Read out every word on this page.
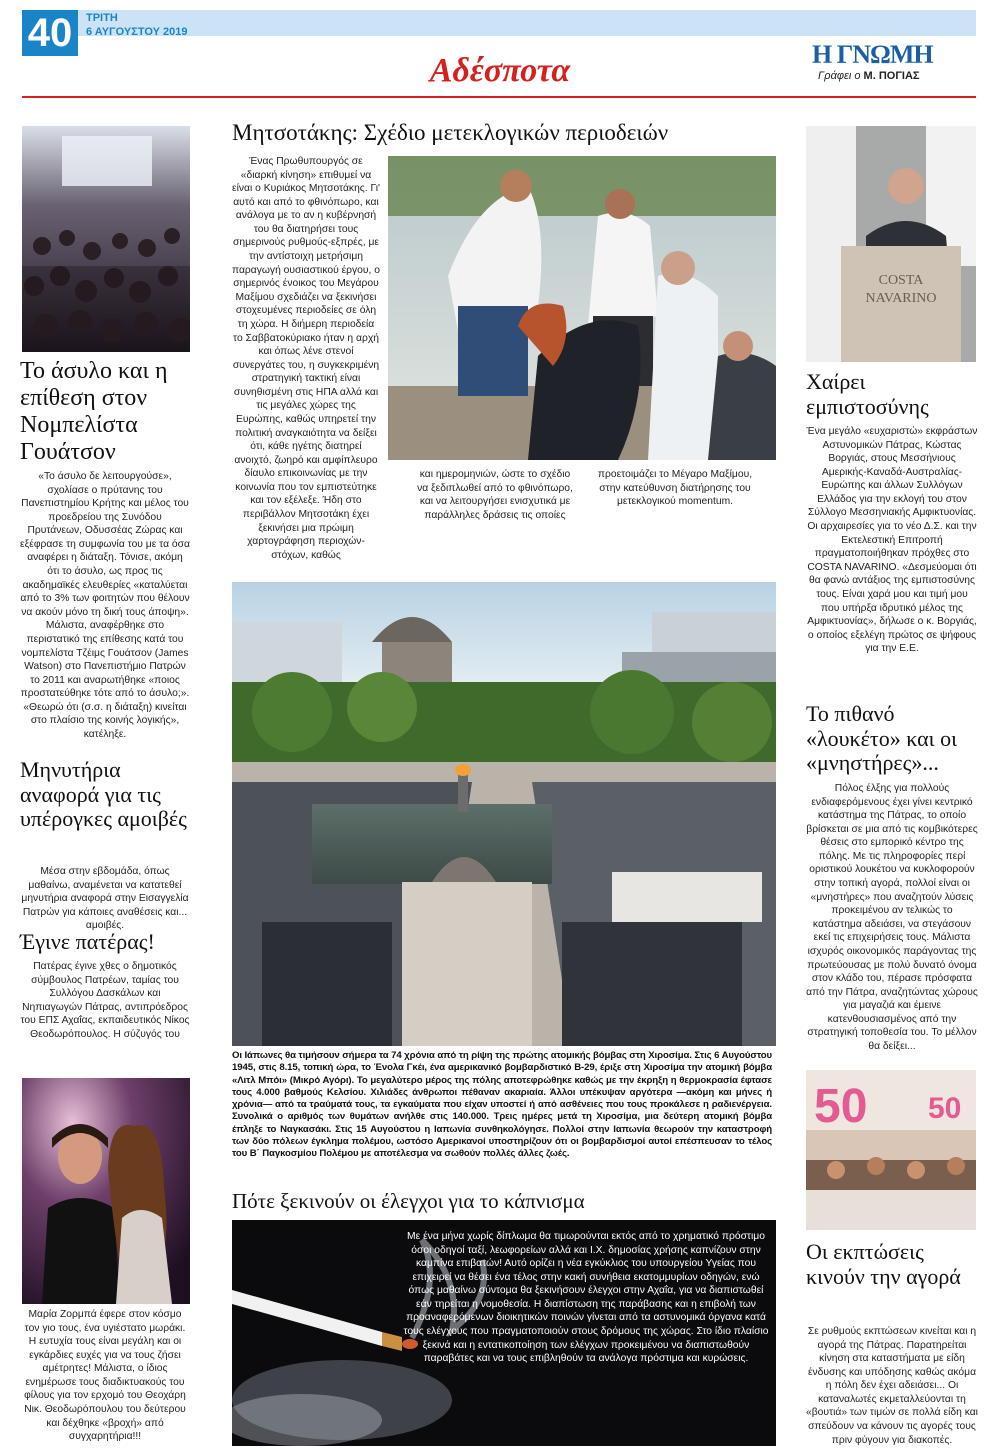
40	ΤΡΙΤΗ
6 ΑΥΓΟΥΣΤΟΥ 2019
Αδέσποτα	Η ΓΝΩΜΗ
Γράφει ο Μ. ΠΟΓΙΑΣ
Το άσυλο και η επίθεση στον Νομπελίστα Γουάτσον
«Το άσυλο δε λειτουργούσε», σχολίασε ο πρύτανης του Πανεπιστημίου Κρήτης και μέλος του προεδρείου της Συνόδου Πρυτάνεων, Οδυσσέας Ζώρας και εξέφρασε τη συμφωνία του με τα όσα αναφέρει η διάταξη. Τόνισε, ακόμη ότι το άσυλο, ως προς τις ακαδημαϊκές ελευθερίες «καταλύεται από το 3% των φοιτητών που θέλουν να ακούν μόνο τη δική τους άποψη». Μάλιστα, αναφέρθηκε στο περιστατικό της επίθεσης κατά του νομπελίστα Τζέιμς Γουάτσον (James Watson) στο Πανεπιστήμιο Πατρών το 2011 και αναρωτήθηκε «ποιος προστατεύθηκε τότε από το άσυλο;». «Θεωρώ ότι (σ.σ. η διάταξη) κινείται στο πλαίσιο της κοινής λογικής», κατέληξε.
Μηνυτήρια αναφορά για τις υπέρογκες αμοιβές
Μέσα στην εβδομάδα, όπως μαθαίνω, αναμένεται να κατατεθεί μηνυτήρια αναφορά στην Εισαγγελία Πατρών για κάποιες αναθέσεις και... αμοιβές.
Έγινε πατέρας!
Πατέρας έγινε χθες ο δημοτικός σύμβουλος Πατρέων, ταμίας του Συλλόγου Δασκάλων και Νηπιαγωγών Πάτρας, αντιπρόεδρος του ΕΠΣ Αχαΐας, εκπαιδευτικός Νίκος Θεοδωρόπουλος. Η σύζυγός του
Μαρία Ζορμπά έφερε στον κόσμο τον γιο τους, ένα υγιέστατο μωράκι. Η ευτυχία τους είναι μεγάλη και οι εγκάρδιες ευχές για να τους ζήσει αμέτρητες! Μάλιστα, ο ίδιος ενημέρωσε τους διαδικτυακούς του φίλους για τον ερχομό του Θεοχάρη Νικ. Θεοδωρόπουλου του δεύτερου και δέχθηκε «βροχή» από συγχαρητήρια!!!
Μητσοτάκης: Σχέδιο μετεκλογικών περιοδειών
Ένας Πρωθυπουργός σε «διαρκή κίνηση» επιθυμεί να είναι ο Κυριάκος Μητσοτάκης. Γι' αυτό και από το φθινόπωρο, και ανάλογα με το αν η κυβέρνησή του θα διατηρήσει τους σημερινούς ρυθμούς-εξπρές, με την αντίστοιχη μετρήσιμη παραγωγή ουσιαστικού έργου, ο σημερινός ένοικος του Μεγάρου Μαξίμου σχεδιάζει να ξεκινήσει στοχευμένες περιοδείες σε όλη τη χώρα. Η διήμερη περιοδεία το Σαββατοκύριακο ήταν η αρχή και όπως λένε στενοί συνεργάτες του, η συγκεκριμένη στρατηγική τακτική είναι συνηθισμένη στις ΗΠΑ αλλά και τις μεγάλες χώρες της Ευρώπης, καθώς υπηρετεί την πολιτική αναγκαιότητα να δείξει ότι, κάθε ηγέτης διατηρεί ανοιχτό, ζωηρό και αμφίπλευρο δίαυλο επικοινωνίας με την κοινωνία που τον εμπιστεύτηκε και τον εξέλεξε. Ήδη στο περιβάλλον Μητσοτάκη έχει ξεκινήσει μια πρώιμη χαρτογράφηση περιοχών-στόχων, καθώς
και ημερομηνιών, ώστε το σχέδιο να ξεδιπλωθεί από το φθινόπωρο, και να λειτουργήσει ενισχυτικά με παράλληλες δράσεις τις οποίες
προετοιμάζει το Μέγαρο Μαξίμου, στην κατεύθυνση διατήρησης του μετεκλογικού momentum.
Οι Ιάπωνες θα τιμήσουν σήμερα τα 74 χρόνια από τη ρίψη της πρώτης ατομικής βόμβας στη Χιροσίμα. Στις 6 Αυγούστου 1945, στις 8.15, τοπική ώρα, το Ένολα Γκέι, ένα αμερικανικό βομβαρδιστικό Β-29, έριξε στη Χιροσίμα την ατομική βόμβα «Λιτλ Μπόι» (Μικρό Αγόρι). Το μεγαλύτερο μέρος της πόλης αποτεφρώθηκε καθώς με την έκρηξη η θερμοκρασία έφτασε τους 4.000 βαθμούς Κελσίου. Χιλιάδες άνθρωποι πέθαναν ακαριαία. Άλλοι υπέκυψαν αργότερα —ακόμη και μήνες ή χρόνια— από τα τραύματά τους, τα εγκαύματα που είχαν υποστεί ή από ασθένειες που τους προκάλεσε η ραδιενέργεια. Συνολικά ο αριθμός των θυμάτων ανήλθε στις 140.000. Τρεις ημέρες μετά τη Χιροσίμα, μια δεύτερη ατομική βόμβα έπληξε το Ναγκασάκι. Στις 15 Αυγούστου η Ιαπωνία συνθηκολόγησε. Πολλοί στην Ιαπωνία θεωρούν την καταστροφή των δύο πόλεων έγκλημα πολέμου, ωστόσο Αμερικανοί υποστηρίζουν ότι οι βομβαρδισμοί αυτοί επέσπευσαν το τέλος του Β΄ Παγκοσμίου Πολέμου με αποτέλεσμα να σωθούν πολλές άλλες ζωές.
Πότε ξεκινούν οι έλεγχοι για το κάπνισμα
Με ένα μήνα χωρίς δίπλωμα θα τιμωρούνται εκτός από το χρηματικό πρόστιμο όσοι οδηγοί ταξί, λεωφορείων αλλά και Ι.Χ. δημοσίας χρήσης καπνίζουν στην καμπίνα επιβατών! Αυτό ορίζει η νέα εγκύκλιος του υπουργείου Υγείας που επιχειρεί να θέσει ένα τέλος στην κακή συνήθεια εκατομμυρίων οδηγών, ενώ όπως μαθαίνω σύντομα θα ξεκινήσουν έλεγχοι στην Αχαΐα, για να διαπιστωθεί εάν τηρείται η νομοθεσία. Η διαπίστωση της παράβασης και η επιβολή των προαναφερόμενων διοικητικών ποινών γίνεται από τα αστυνομικά όργανα κατά τους ελέγχους που πραγματοποιούν στους δρόμους της χώρας. Στο ίδιο πλαίσιο ξεκινά και η εντατικοποίηση των ελέγχων προκειμένου να διαπιστωθούν παραβάτες και να τους επιβληθούν τα ανάλογα πρόστιμα και κυρώσεις.
COSTA
NAVARINO
Χαίρει εμπιστοσύνης
Ένα μεγάλο «ευχαριστώ» εκφράστων Αστυνομικών Πάτρας, Κώστας Βοργιάς, στους Μεσσήνιους Αμερικής-Καναδά-Αυστραλίας-Ευρώπης και άλλων Συλλόγων Ελλάδος για την εκλογή του στον Σύλλογο Μεσσηνιακής Αμφικτυονίας. Οι αρχαιρεσίες για το νέο Δ.Σ. και την Εκτελεστική Επιτροπή πραγματοποιήθηκαν πρόχθες στο COSTA NAVARINO. «Δεσμεύομαι ότι θα φανώ αντάξιος της εμπιστοσύνης τους. Είναι χαρά μου και τιμή μου που υπήρξα ιδρυτικό μέλος της Αμφικτυονίας», δήλωσε ο κ. Βοργιάς, ο οποίος εξελέγη πρώτος σε ψήφους για την Ε.Ε.
Το πιθανό «λουκέτο» και οι «μνηστήρες»...
Πόλος έλξης για πολλούς ενδιαφερόμενους έχει γίνει κεντρικό κατάστημα της Πάτρας, το οποίο βρίσκεται σε μια από τις κομβικότερες θέσεις στο εμπορικό κέντρο της πόλης. Με τις πληροφορίες περί οριστικού λουκέτου να κυκλοφορούν στην τοπική αγορά, πολλοί είναι οι «μνηστήρες» που αναζητούν λύσεις προκειμένου αν τελικώς το κατάστημα αδειάσει, να στεγάσουν εκεί τις επιχειρήσεις τους. Μάλιστα ισχυρός οικονομικός παράγοντας της πρωτεύουσας με πολύ δυνατό όνομα στον κλάδο του, πέρασε πρόσφατα από την Πάτρα, αναζητώντας χώρους για μαγαζιά και έμεινε κατενθουσιασμένος από την στρατηγική τοποθεσία του. Το μέλλον θα δείξει...
50 50
Οι εκπτώσεις κινούν την αγορά
Σε ρυθμούς εκπτώσεων κινείται και η αγορά της Πάτρας. Παρατηρείται κίνηση στα καταστήματα με είδη ένδυσης και υπόδησης καθώς ακόμα η πόλη δεν έχει αδειάσει... Οι καταναλωτές εκμεταλλεύονται τη «βουτιά» των τιμών σε πολλά είδη και σπεύδουν να κάνουν τις αγορές τους πριν φύγουν για διακοπές.
